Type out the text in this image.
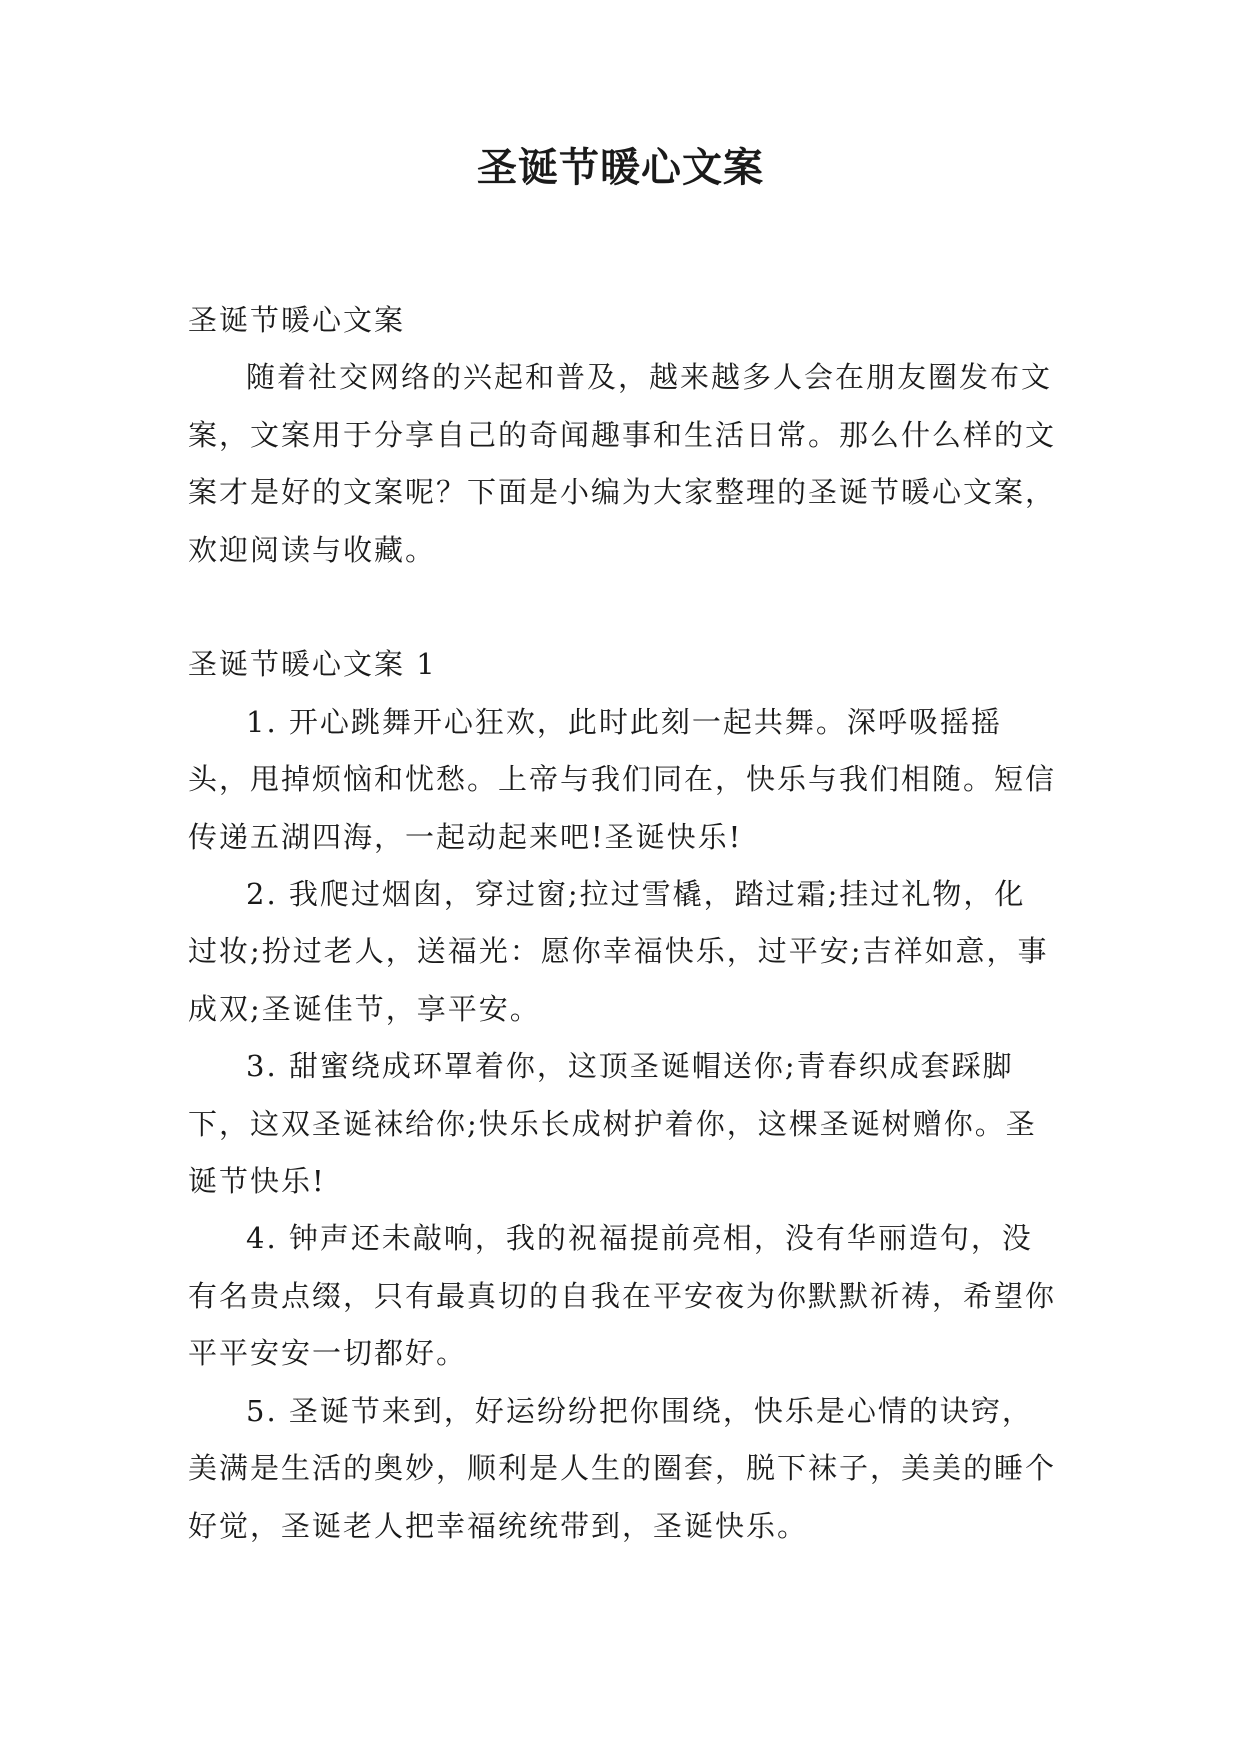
圣诞节暖心文案

圣诞节暖心文案

随着社交网络的兴起和普及，越来越多人会在朋友圈发布文案，文案用于分享自己的奇闻趣事和生活日常。那么什么样的文案才是好的文案呢？下面是小编为大家整理的圣诞节暖心文案，欢迎阅读与收藏。

圣诞节暖心文案 1

1. 开心跳舞开心狂欢，此时此刻一起共舞。深呼吸摇摇头，甩掉烦恼和忧愁。上帝与我们同在，快乐与我们相随。短信传递五湖四海，一起动起来吧!圣诞快乐!

2. 我爬过烟囱，穿过窗;拉过雪橇，踏过霜;挂过礼物，化过妆;扮过老人，送福光：愿你幸福快乐，过平安;吉祥如意，事成双;圣诞佳节，享平安。

3. 甜蜜绕成环罩着你，这顶圣诞帽送你;青春织成套踩脚下，这双圣诞袜给你;快乐长成树护着你，这棵圣诞树赠你。圣诞节快乐!

4. 钟声还未敲响，我的祝福提前亮相，没有华丽造句，没有名贵点缀，只有最真切的自我在平安夜为你默默祈祷，希望你平平安安一切都好。

5. 圣诞节来到，好运纷纷把你围绕，快乐是心情的诀窍，美满是生活的奥妙，顺利是人生的圈套，脱下袜子，美美的睡个好觉，圣诞老人把幸福统统带到，圣诞快乐。
